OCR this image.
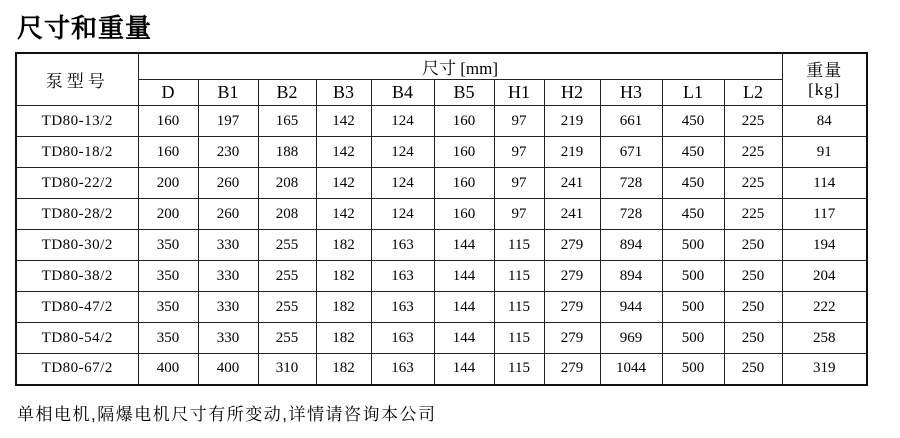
尺寸和重量
泵型号	尺寸 [mm]											重量
[kg]

	D	B1	B2	B3	B4	B5	H1	H2	H3	L1	L2	
TD80-13/2	160	197	165	142	124	160	97	219	661	450	225	84
TD80-18/2	160	230	188	142	124	160	97	219	671	450	225	91
TD80-22/2	200	260	208	142	124	160	97	241	728	450	225	114
TD80-28/2	200	260	208	142	124	160	97	241	728	450	225	117
TD80-30/2	350	330	255	182	163	144	115	279	894	500	250	194
TD80-38/2	350	330	255	182	163	144	115	279	894	500	250	204
TD80-47/2	350	330	255	182	163	144	115	279	944	500	250	222
TD80-54/2	350	330	255	182	163	144	115	279	969	500	250	258
TD80-67/2	400	400	310	182	163	144	115	279	1044	500	250	319

单相电机,隔爆电机尺寸有所变动,详情请咨询本公司
